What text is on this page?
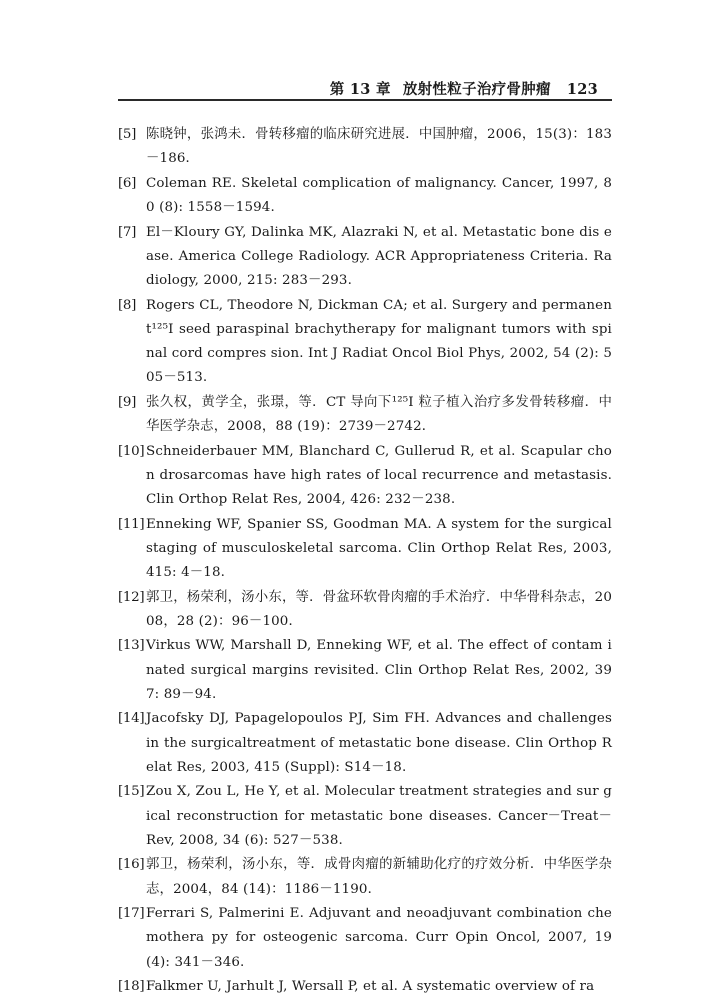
第 13 章 放射性粒子治疗骨肿瘤 123
[5] 陈晓钟，张鸿未．骨转移瘤的临床研究进展．中国肿瘤，2006，15(3)：183－186．
[6] Coleman RE. Skeletal complication of malignancy. Cancer, 1997, 80 (8): 1558－1594.
[7] El－Kloury GY, Dalinka MK, Alazraki N, et al. Metastatic bone dis ease. America College Radiology. ACR Appropriateness Criteria. Ra diology, 2000, 215: 283－293.
[8] Rogers CL, Theodore N, Dickman CA; et al. Surgery and permanent¹²⁵I seed paraspinal brachytherapy for malignant tumors with spinal cord compres sion. Int J Radiat Oncol Biol Phys, 2002, 54 (2): 505－513.
[9] 张久权，黄学全，张璟，等．CT 导向下¹²⁵I 粒子植入治疗多发骨转移瘤．中华医学杂志，2008，88 (19)：2739－2742．
[10] Schneiderbauer MM, Blanchard C, Gullerud R, et al. Scapular chon drosarcomas have high rates of local recurrence and metastasis. Clin Orthop Relat Res, 2004, 426: 232－238.
[11] Enneking WF, Spanier SS, Goodman MA. A system for the surgical staging of musculoskeletal sarcoma. Clin Orthop Relat Res, 2003, 415: 4－18.
[12] 郭卫，杨荣利，汤小东，等．骨盆环软骨肉瘤的手术治疗．中华骨科杂志，2008，28 (2)：96－100．
[13] Virkus WW, Marshall D, Enneking WF, et al. The effect of contam inated surgical margins revisited. Clin Orthop Relat Res, 2002, 397: 89－94.
[14] Jacofsky DJ, Papagelopoulos PJ, Sim FH. Advances and challenges in the surgicaltreatment of metastatic bone disease. Clin Orthop Relat Res, 2003, 415 (Suppl): S14－18.
[15] Zou X, Zou L, He Y, et al. Molecular treatment strategies and sur gical reconstruction for metastatic bone diseases. Cancer－Treat－Rev, 2008, 34 (6): 527－538.
[16] 郭卫，杨荣利，汤小东，等．成骨肉瘤的新辅助化疗的疗效分析．中华医学杂志，2004，84 (14)：1186－1190．
[17] Ferrari S, Palmerini E. Adjuvant and neoadjuvant combination chemothera py for osteogenic sarcoma. Curr Opin Oncol, 2007, 19 (4): 341－346.
[18] Falkmer U, Jarhult J, Wersall P, et al. A systematic overview of ra
